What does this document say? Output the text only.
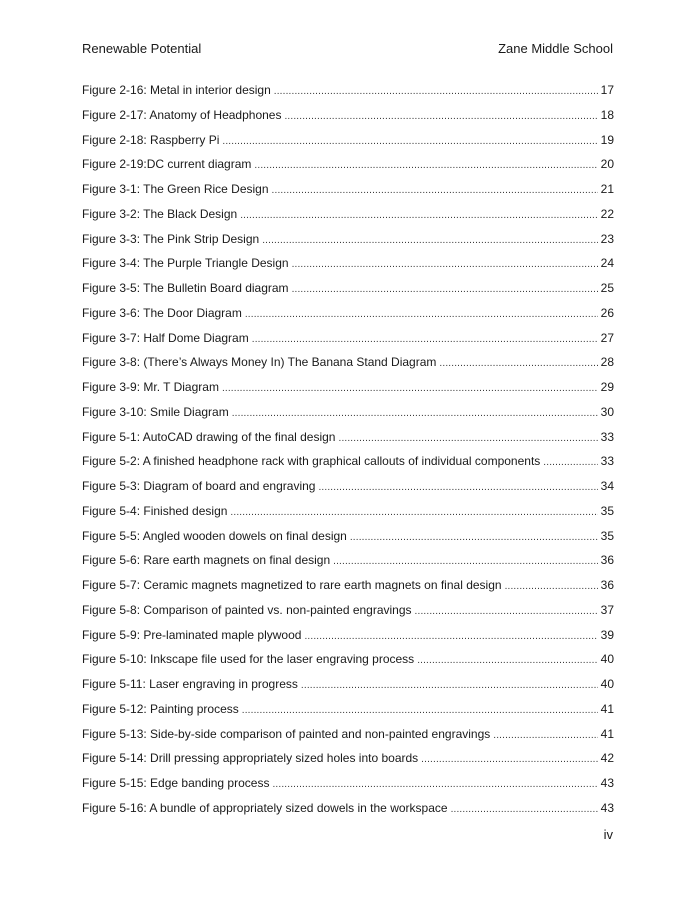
Renewable Potential	Zane Middle School
Figure 2-16: Metal in interior design . . .	17
Figure 2-17: Anatomy of Headphones . . .	18
Figure 2-18: Raspberry Pi . . .	19
Figure 2-19:DC current diagram . . .	20
Figure 3-1: The Green Rice Design . . .	21
Figure 3-2: The Black Design . . .	22
Figure 3-3: The Pink Strip Design . . .	23
Figure 3-4: The Purple Triangle Design . . .	24
Figure 3-5: The Bulletin Board diagram . . .	25
Figure 3-6: The Door Diagram . . .	26
Figure 3-7: Half Dome Diagram . . .	27
Figure 3-8: (There’s Always Money In) The Banana Stand Diagram . . .	28
Figure 3-9: Mr. T Diagram . . .	29
Figure 3-10: Smile Diagram . . .	30
Figure 5-1: AutoCAD drawing of the final design . . .	33
Figure 5-2: A finished headphone rack with graphical callouts of individual components . . .	33
Figure 5-3: Diagram of board and engraving . . .	34
Figure 5-4: Finished design . . .	35
Figure 5-5: Angled wooden dowels on final design . . .	35
Figure 5-6: Rare earth magnets on final design . . .	36
Figure 5-7: Ceramic magnets magnetized to rare earth magnets on final design . . .	36
Figure 5-8: Comparison of painted vs. non-painted engravings . . .	37
Figure 5-9: Pre-laminated maple plywood . . .	39
Figure 5-10: Inkscape file used for the laser engraving process . . .	40
Figure 5-11: Laser engraving in progress . . .	40
Figure 5-12: Painting process . . .	41
Figure 5-13: Side-by-side comparison of painted and non-painted engravings . . .	41
Figure 5-14: Drill pressing appropriately sized holes into boards . . .	42
Figure 5-15: Edge banding process . . .	43
Figure 5-16: A bundle of appropriately sized dowels in the workspace . . .	43
iv
